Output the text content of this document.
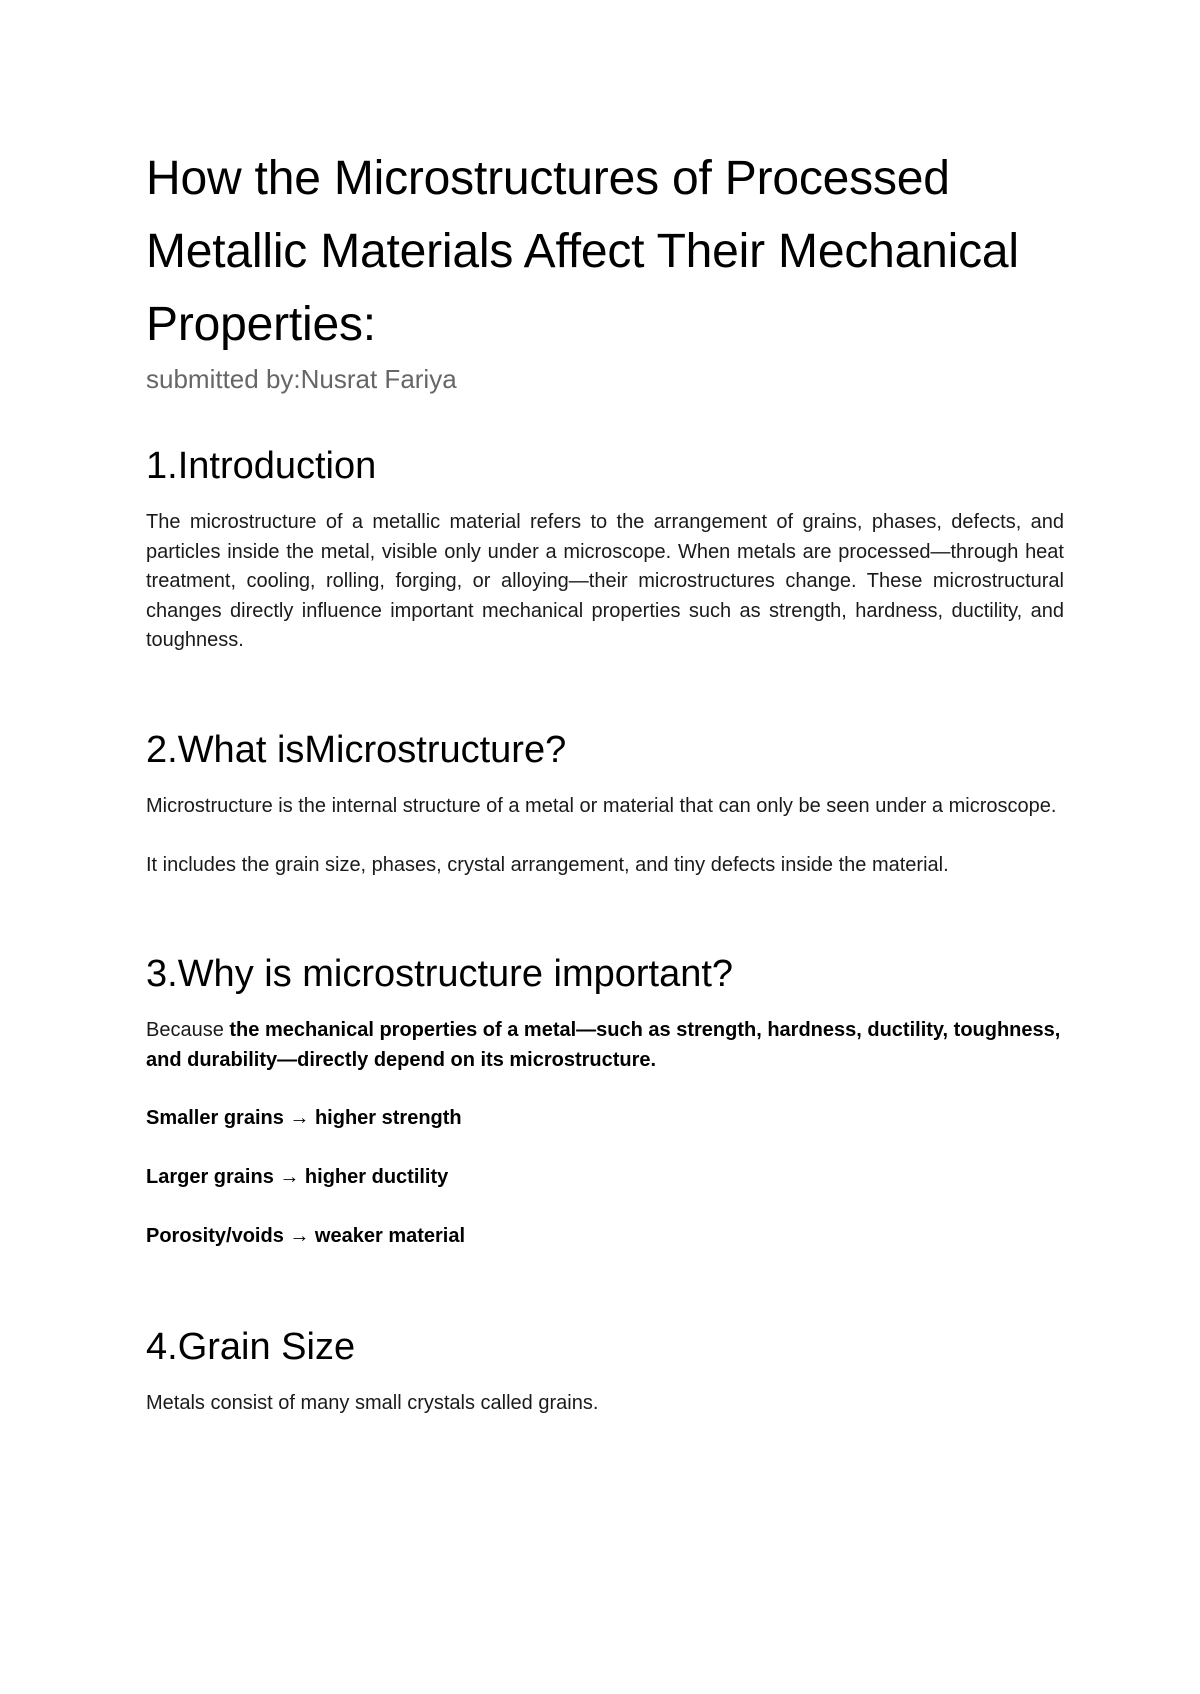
How the Microstructures of Processed Metallic Materials Affect Their Mechanical Properties:

submitted by:Nusrat Fariya

1.Introduction

The microstructure of a metallic material refers to the arrangement of grains, phases, defects, and particles inside the metal, visible only under a microscope. When metals are processed—through heat treatment, cooling, rolling, forging, or alloying—their microstructures change. These microstructural changes directly influence important mechanical properties such as strength, hardness, ductility, and toughness.

2.What isMicrostructure?

Microstructure is the internal structure of a metal or material that can only be seen under a microscope.

It includes the grain size, phases, crystal arrangement, and tiny defects inside the material.

3.Why is microstructure important?

Because the mechanical properties of a metal—such as strength, hardness, ductility, toughness, and durability—directly depend on its microstructure.

Smaller grains → higher strength

Larger grains → higher ductility

Porosity/voids → weaker material

4.Grain Size

Metals consist of many small crystals called grains.
